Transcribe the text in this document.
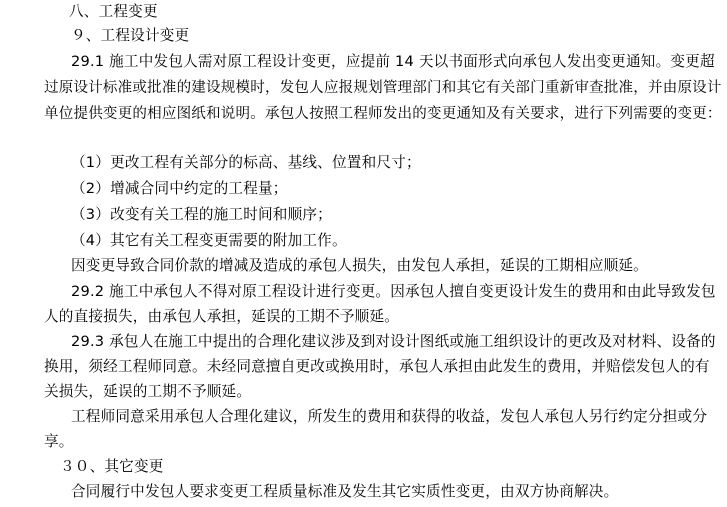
八、工程变更
９、工程设计变更
29.1 施工中发包人需对原工程设计变更，应提前 14 天以书面形式向承包人发出变更通知。变更超
过原设计标准或批准的建设规模时，发包人应报规划管理部门和其它有关部门重新审查批准，并由原设计
单位提供变更的相应图纸和说明。承包人按照工程师发出的变更通知及有关要求，进行下列需要的变更：
（1）更改工程有关部分的标高、基线、位置和尺寸；
（2）增减合同中约定的工程量；
（3）改变有关工程的施工时间和顺序；
（4）其它有关工程变更需要的附加工作。
因变更导致合同价款的增减及造成的承包人损失，由发包人承担，延误的工期相应顺延。
29.2 施工中承包人不得对原工程设计进行变更。因承包人擅自变更设计发生的费用和由此导致发包
人的直接损失，由承包人承担，延误的工期不予顺延。
29.3 承包人在施工中提出的合理化建议涉及到对设计图纸或施工组织设计的更改及对材料、设备的
换用，须经工程师同意。未经同意擅自更改或换用时，承包人承担由此发生的费用，并赔偿发包人的有
关损失，延误的工期不予顺延。
工程师同意采用承包人合理化建议，所发生的费用和获得的收益，发包人承包人另行约定分担或分
享。
３０、其它变更
合同履行中发包人要求变更工程质量标准及发生其它实质性变更，由双方协商解决。
